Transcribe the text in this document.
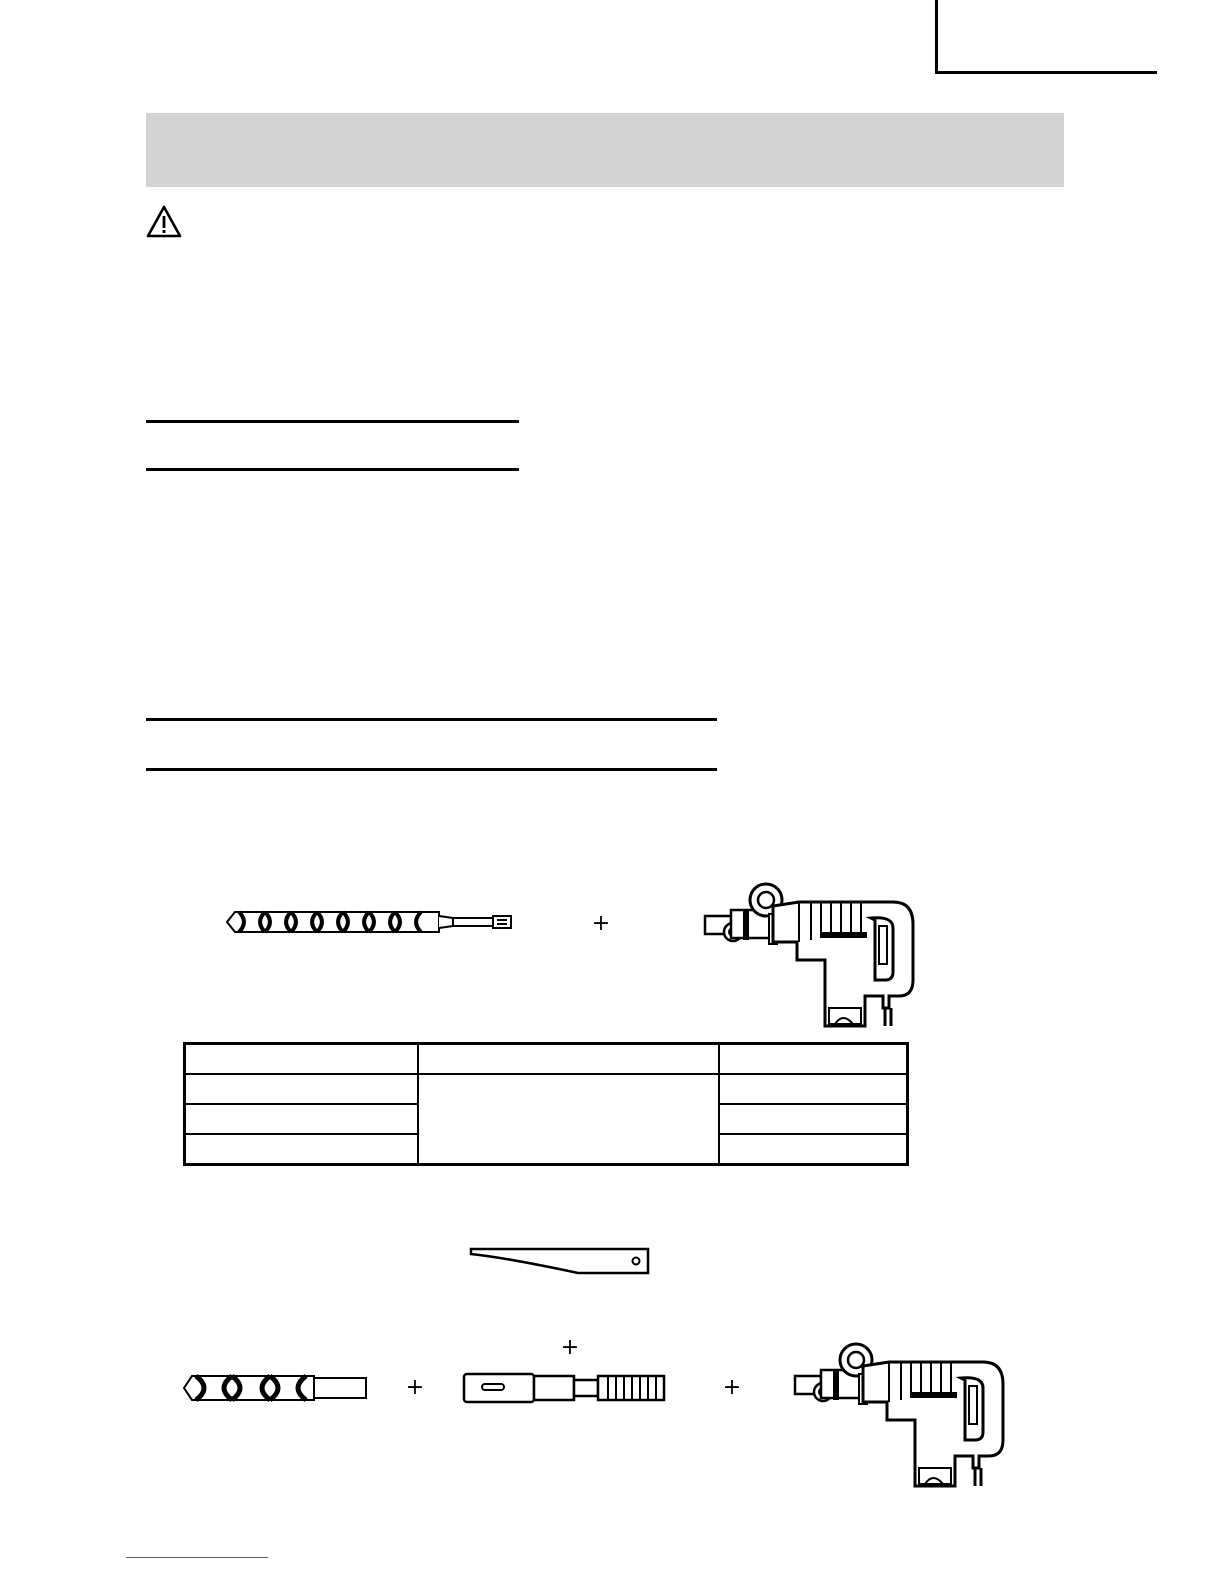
+

+
+	+
